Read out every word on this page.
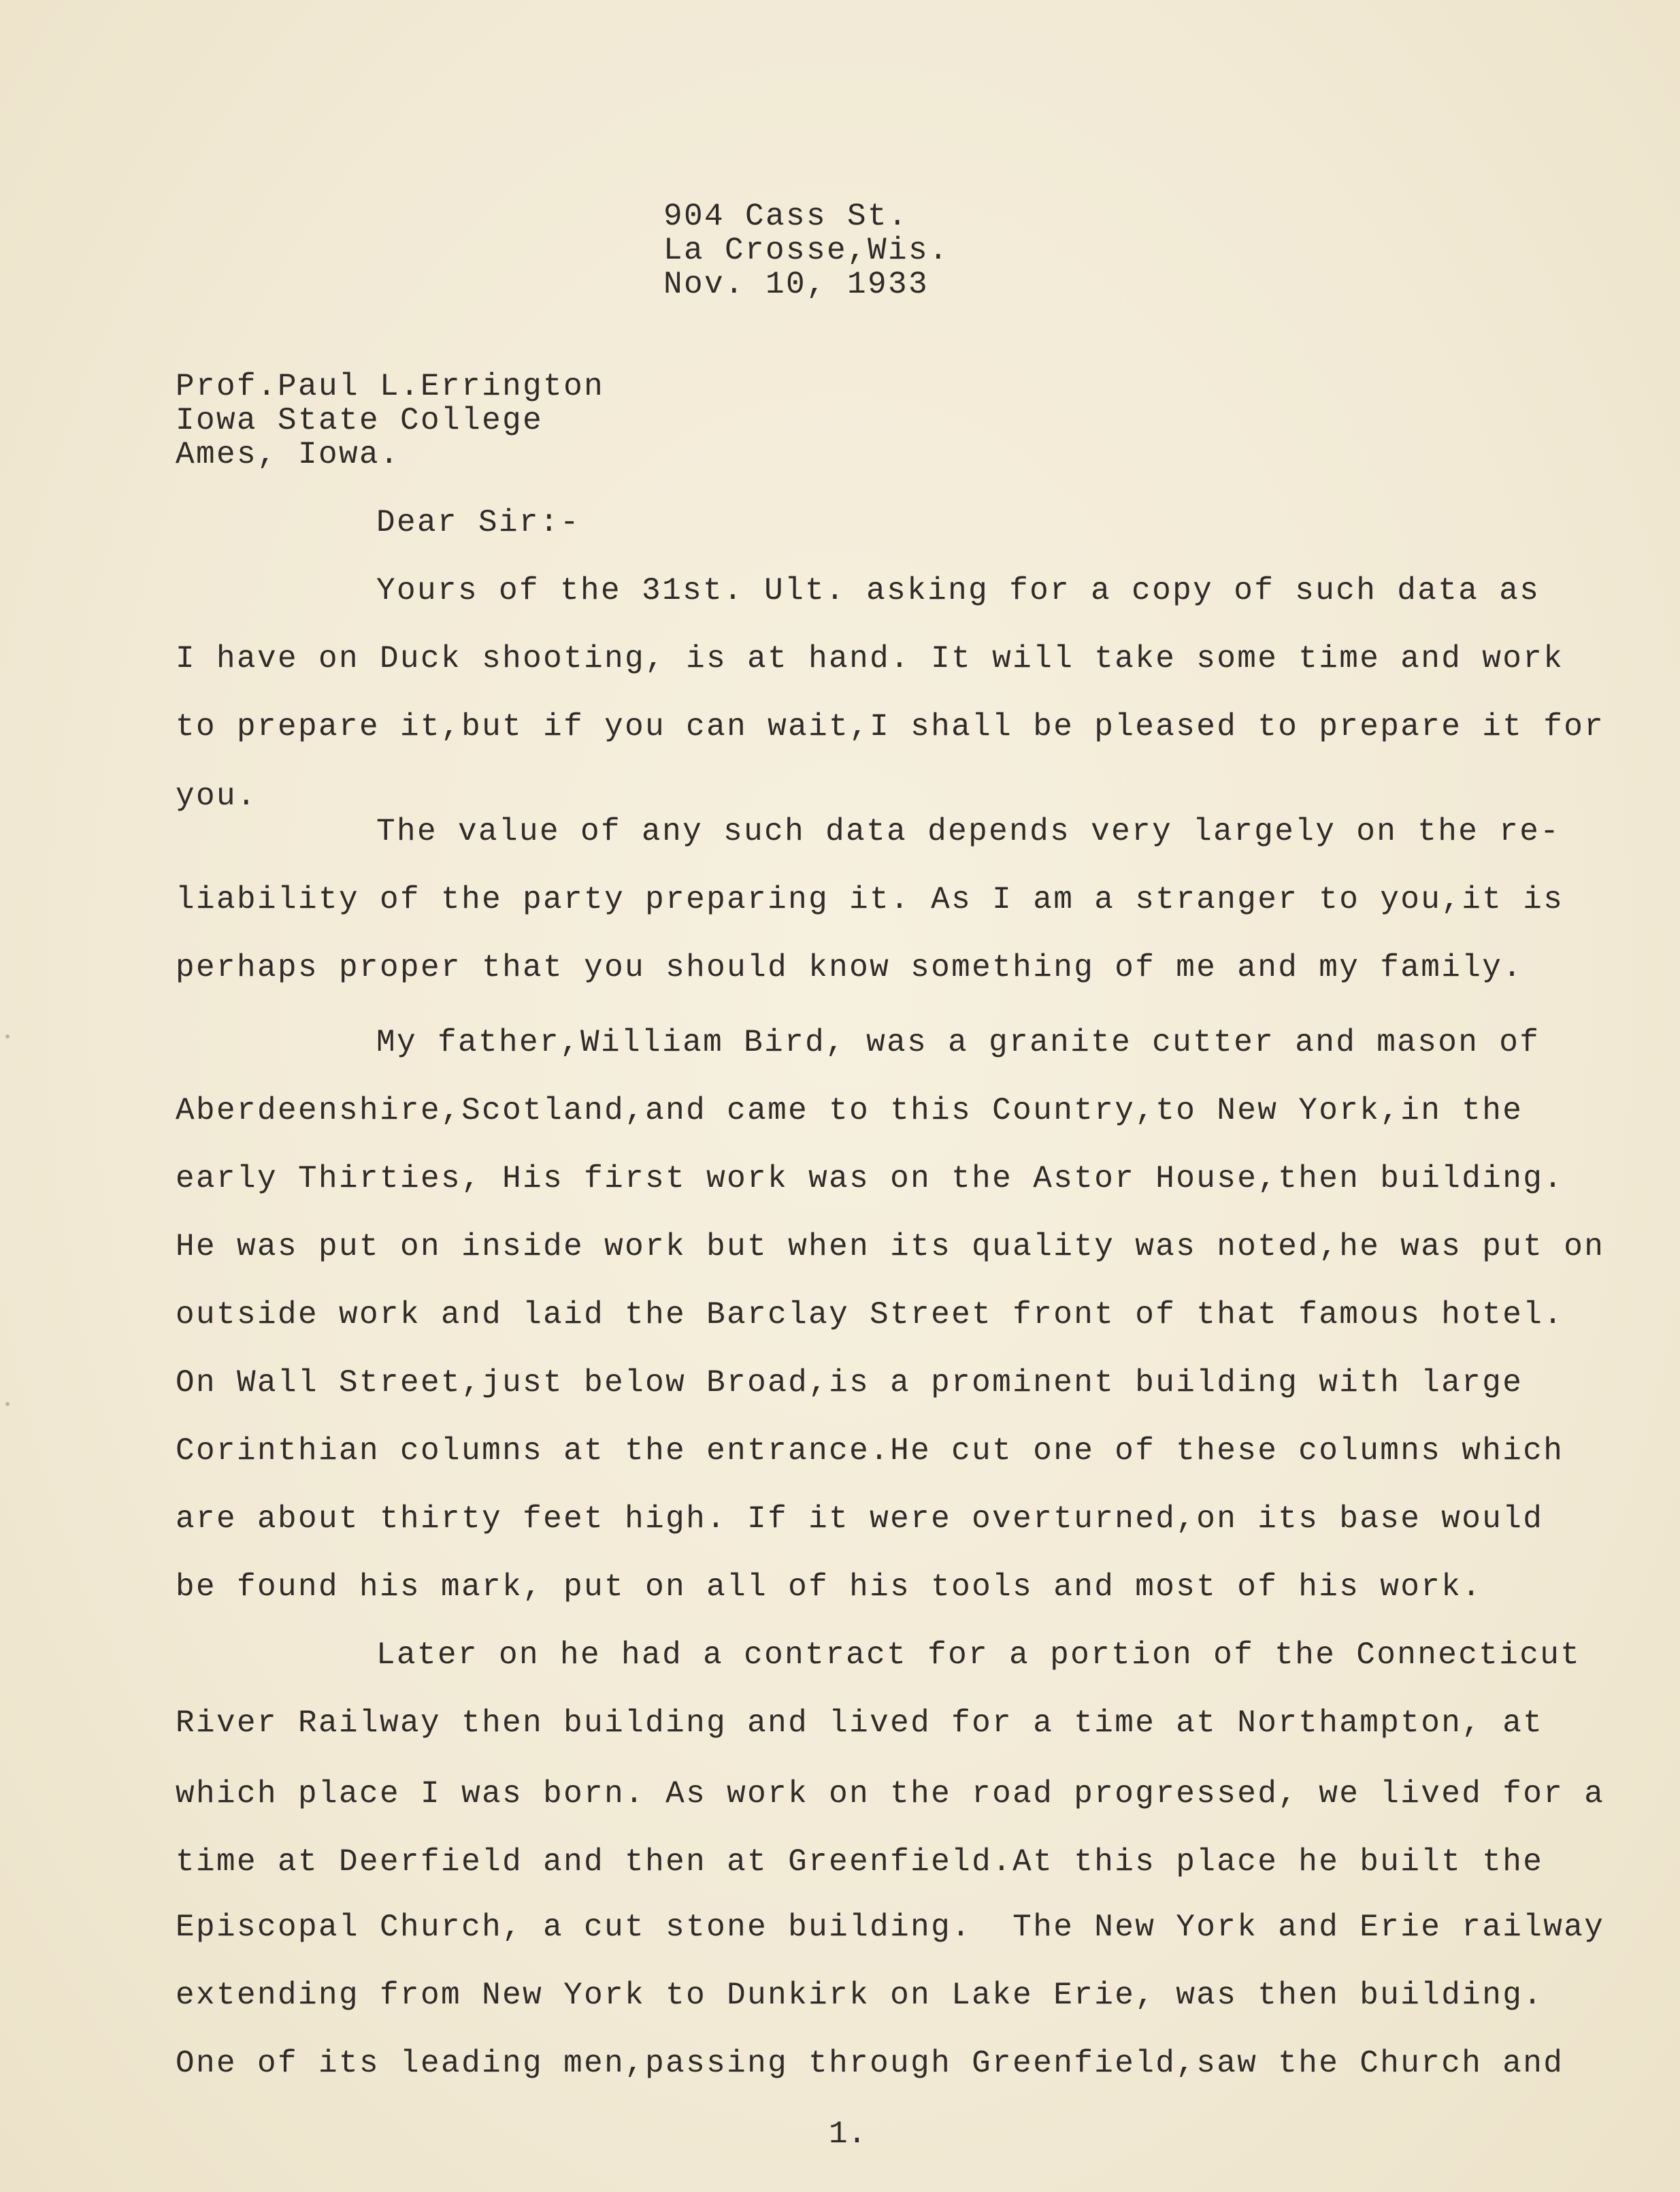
904 Cass St.
La Crosse,Wis.
Nov. 10, 1933
Prof.Paul L.Errington
Iowa State College
Ames, Iowa.
Dear Sir:-
Yours of the 31st. Ult. asking for a copy of such data as
I have on Duck shooting, is at hand. It will take some time and work
to prepare it,but if you can wait,I shall be pleased to prepare it for
you.
The value of any such data depends very largely on the re-
liability of the party preparing it. As I am a stranger to you,it is
perhaps proper that you should know something of me and my family.
My father,William Bird, was a granite cutter and mason of
Aberdeenshire,Scotland,and came to this Country,to New York,in the
early Thirties, His first work was on the Astor House,then building.
He was put on inside work but when its quality was noted,he was put on
outside work and laid the Barclay Street front of that famous hotel.
On Wall Street,just below Broad,is a prominent building with large
Corinthian columns at the entrance.He cut one of these columns which
are about thirty feet high. If it were overturned,on its base would
be found his mark, put on all of his tools and most of his work.
Later on he had a contract for a portion of the Connecticut
River Railway then building and lived for a time at Northampton, at
which place I was born. As work on the road progressed, we lived for a
time at Deerfield and then at Greenfield.At this place he built the
Episcopal Church, a cut stone building.  The New York and Erie railway
extending from New York to Dunkirk on Lake Erie, was then building.
One of its leading men,passing through Greenfield,saw the Church and
1.
